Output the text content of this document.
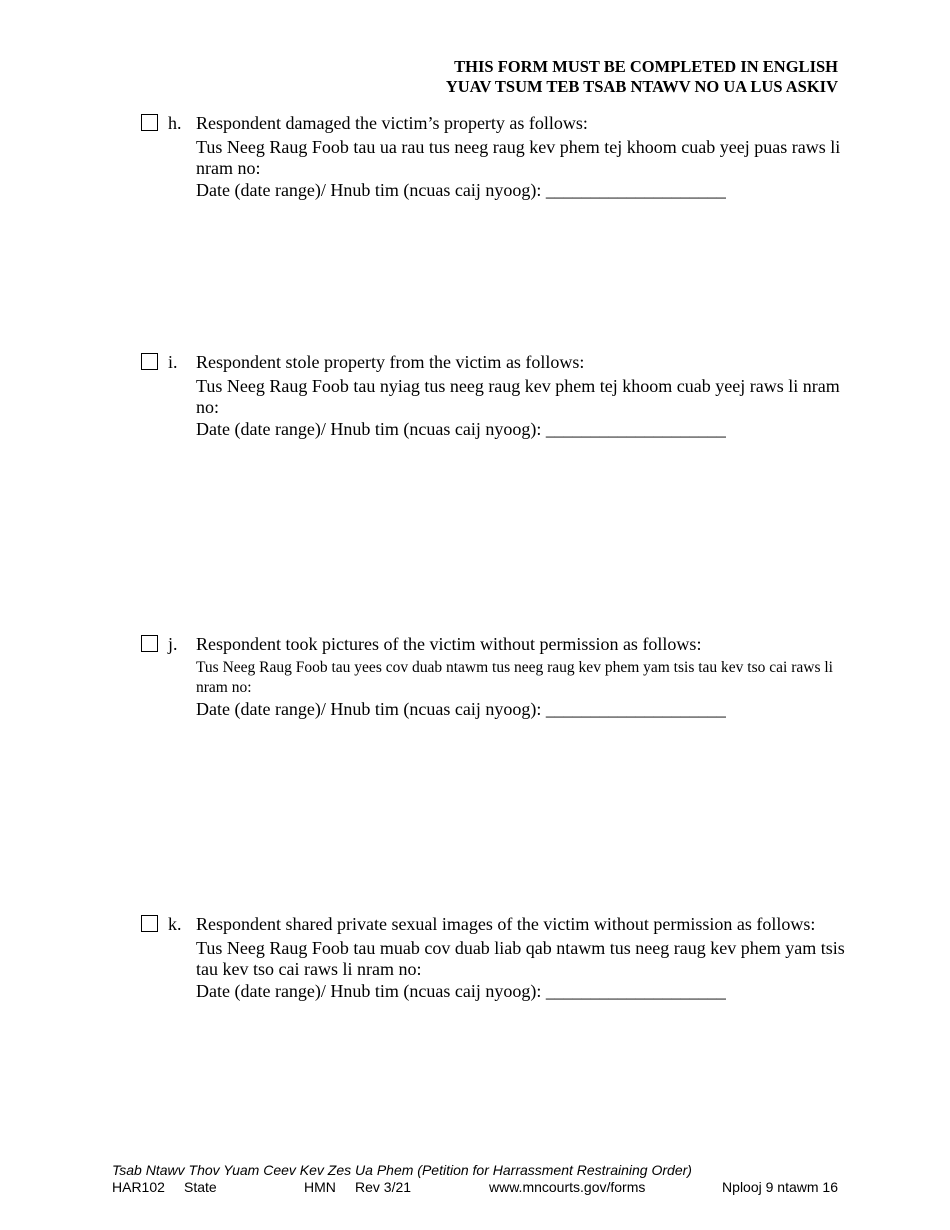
THIS FORM MUST BE COMPLETED IN ENGLISH
YUAV TSUM TEB TSAB NTAWV NO UA LUS ASKIV
h. Respondent damaged the victim’s property as follows:
Tus Neeg Raug Foob tau ua rau tus neeg raug kev phem tej khoom cuab yeej puas raws li nram no:
Date (date range)/ Hnub tim (ncuas caij nyoog): ____________________
i. Respondent stole property from the victim as follows:
Tus Neeg Raug Foob tau nyiag tus neeg raug kev phem tej khoom cuab yeej raws li nram no:
Date (date range)/ Hnub tim (ncuas caij nyoog): ____________________
j. Respondent took pictures of the victim without permission as follows:
Tus Neeg Raug Foob tau yees cov duab ntawm tus neeg raug kev phem yam tsis tau kev tso cai raws li nram no:
Date (date range)/ Hnub tim (ncuas caij nyoog): ____________________
k. Respondent shared private sexual images of the victim without permission as follows:
Tus Neeg Raug Foob tau muab cov duab liab qab ntawm tus neeg raug kev phem yam tsis tau kev tso cai raws li nram no:
Date (date range)/ Hnub tim (ncuas caij nyoog): ____________________
Tsab Ntawv Thov Yuam Ceev Kev Zes Ua Phem (Petition for Harrassment Restraining Order)
HAR102 State	HMN Rev 3/21	www.mncourts.gov/forms	Nplooj 9 ntawm 16
